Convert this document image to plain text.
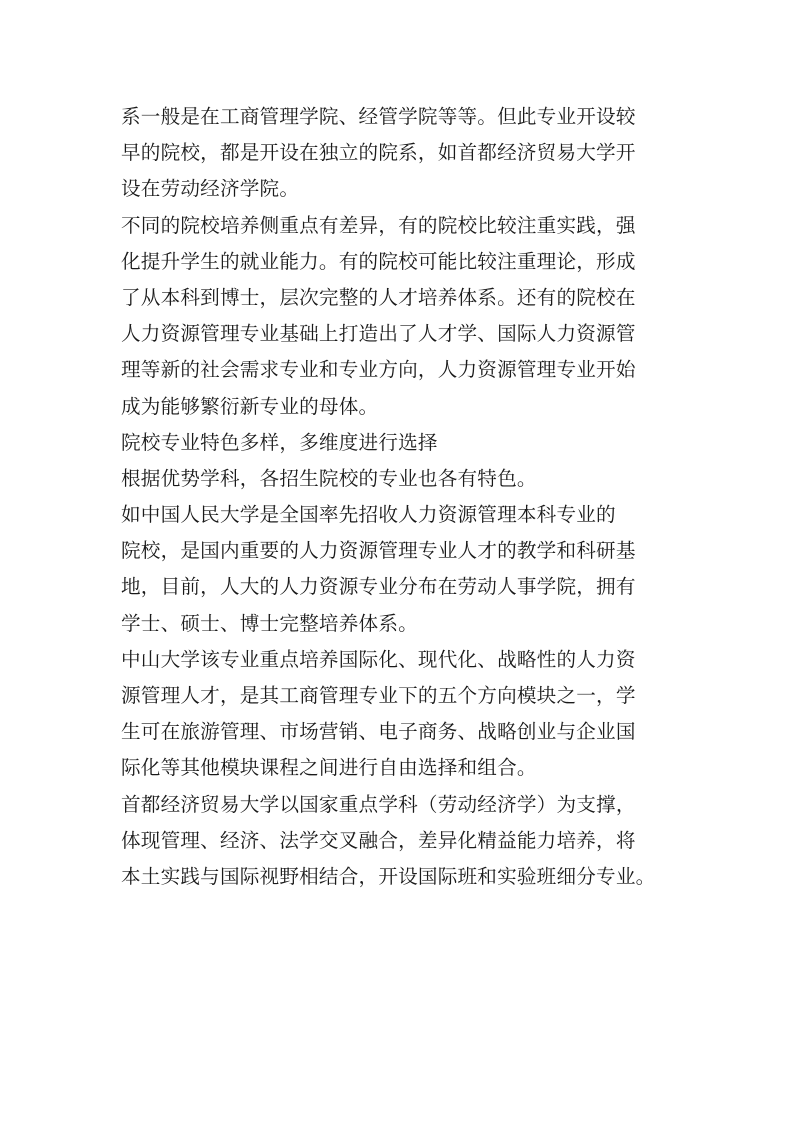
系一般是在工商管理学院、经管学院等等。但此专业开设较
早的院校，都是开设在独立的院系，如首都经济贸易大学开
设在劳动经济学院。
不同的院校培养侧重点有差异，有的院校比较注重实践，强
化提升学生的就业能力。有的院校可能比较注重理论，形成
了从本科到博士，层次完整的人才培养体系。还有的院校在
人力资源管理专业基础上打造出了人才学、国际人力资源管
理等新的社会需求专业和专业方向，人力资源管理专业开始
成为能够繁衍新专业的母体。
院校专业特色多样，多维度进行选择
根据优势学科，各招生院校的专业也各有特色。
如中国人民大学是全国率先招收人力资源管理本科专业的
院校，是国内重要的人力资源管理专业人才的教学和科研基
地，目前，人大的人力资源专业分布在劳动人事学院，拥有
学士、硕士、博士完整培养体系。
中山大学该专业重点培养国际化、现代化、战略性的人力资
源管理人才，是其工商管理专业下的五个方向模块之一，学
生可在旅游管理、市场营销、电子商务、战略创业与企业国
际化等其他模块课程之间进行自由选择和组合。
首都经济贸易大学以国家重点学科（劳动经济学）为支撑，
体现管理、经济、法学交叉融合，差异化精益能力培养，将
本土实践与国际视野相结合，开设国际班和实验班细分专业。
